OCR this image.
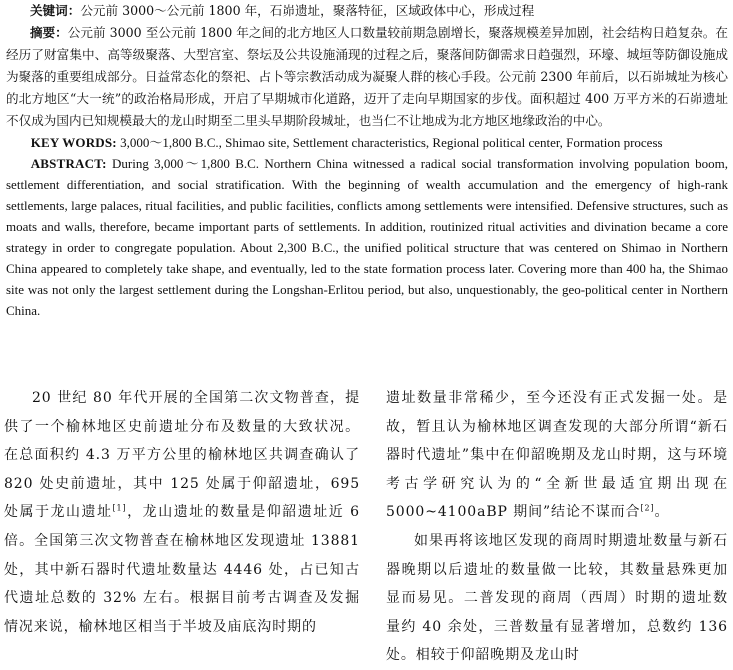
关键词：公元前 3000～公元前 1800 年，石峁遗址，聚落特征，区域政体中心，形成过程

摘要：公元前 3000 至公元前 1800 年之间的北方地区人口数量较前期急剧增长，聚落规模差异加剧，社会结构日趋复杂。在经历了财富集中、高等级聚落、大型宫室、祭坛及公共设施涌现的过程之后，聚落间防御需求日趋强烈，环壕、城垣等防御设施成为聚落的重要组成部分。日益常态化的祭祀、占卜等宗教活动成为凝聚人群的核心手段。公元前 2300 年前后，以石峁城址为核心的北方地区“大一统”的政治格局形成，开启了早期城市化道路，迈开了走向早期国家的步伐。面积超过 400 万平方米的石峁遗址不仅成为国内已知规模最大的龙山时期至二里头早期阶段城址，也当仁不让地成为北方地区地缘政治的中心。

KEY WORDS: 3,000～1,800 B.C., Shimao site, Settlement characteristics, Regional political center, Formation process

ABSTRACT: During 3,000～1,800 B.C. Northern China witnessed a radical social transformation involving population boom, settlement differentiation, and social stratification. With the beginning of wealth accumulation and the emergency of high-rank settlements, large palaces, ritual facilities, and public facilities, conflicts among settlements were intensified. Defensive structures, such as moats and walls, therefore, became important parts of settlements. In addition, routinized ritual activities and divination became a core strategy in order to congregate population. About 2,300 B.C., the unified political structure that was centered on Shimao in Northern China appeared to completely take shape, and eventually, led to the state formation process later. Covering more than 400 ha, the Shimao site was not only the largest settlement during the Longshan-Erlitou period, but also, unquestionably, the geo-political center in Northern China.

20 世纪 80 年代开展的全国第二次文物普查，提供了一个榆林地区史前遗址分布及数量的大致状况。在总面积约 4.3 万平方公里的榆林地区共调查确认了 820 处史前遗址，其中 125 处属于仰韶遗址，695 处属于龙山遗址[1]，龙山遗址的数量是仰韶遗址近 6 倍。全国第三次文物普查在榆林地区发现遗址 13881 处，其中新石器时代遗址数量达 4446 处，占已知古代遗址总数的 32% 左右。根据目前考古调查及发掘情况来说，榆林地区相当于半坡及庙底沟时期的

遗址数量非常稀少，至今还没有正式发掘一处。是故，暂且认为榆林地区调查发现的大部分所谓“新石器时代遗址”集中在仰韶晚期及龙山时期，这与环境考古学研究认为的“全新世最适宜期出现在 5000~4100aBP 期间”结论不谋而合[2]。

如果再将该地区发现的商周时期遗址数量与新石器晚期以后遗址的数量做一比较，其数量悬殊更加显而易见。二普发现的商周（西周）时期的遗址数量约 40 余处，三普数量有显著增加，总数约 136 处。相较于仰韶晚期及龙山时
